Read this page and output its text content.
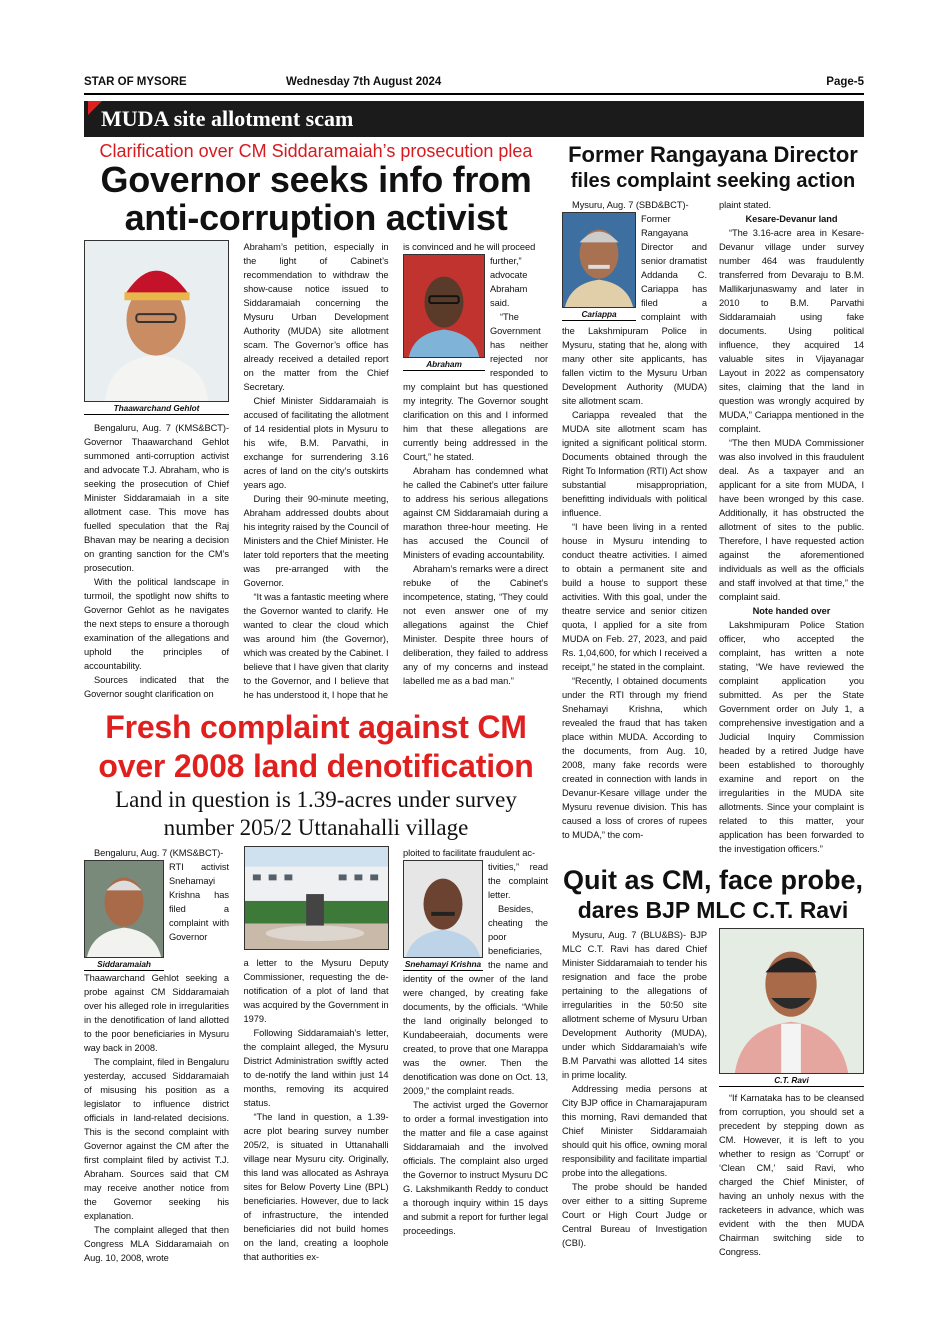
STAR OF MYSORE	Wednesday 7th August 2024	Page-5
MUDA site allotment scam
Clarification over CM Siddaramaiah’s prosecution plea
Governor seeks info from
anti-corruption activist
Thaawarchand Gehlot

Bengaluru, Aug. 7 (KMS&BCT)- Governor Thaawarchand Gehlot summoned anti-corruption activist and advocate T.J. Abraham, who is seeking the prosecution of Chief Minister Siddaramaiah in a site allotment case. This move has fuelled speculation that the Raj Bhavan may be nearing a decision on granting sanction for the CM’s prosecution.

With the political landscape in turmoil, the spotlight now shifts to Governor Gehlot as he navigates the next steps to ensure a thorough examination of the allegations and uphold the principles of accountability.

Sources indicated that the Governor sought clarification on

Abraham’s petition, especially in the light of Cabinet’s recommendation to withdraw the show-cause notice issued to Siddaramaiah concerning the Mysuru Urban Development Authority (MUDA) site allotment scam. The Governor’s office has already received a detailed report on the matter from the Chief Secretary.

Chief Minister Siddaramaiah is accused of facilitating the allotment of 14 residential plots in Mysuru to his wife, B.M. Parvathi, in exchange for surrendering 3.16 acres of land on the city’s outskirts years ago.

During their 90-minute meeting, Abraham addressed doubts about his integrity raised by the Council of Ministers and the Chief Minister. He later told reporters that the meeting was pre-arranged with the Governor.

“It was a fantastic meeting where the Governor wanted to clarify. He wanted to clear the cloud which was around him (the Governor), which was created by the Cabinet. I believe that I have given that clarity to the Governor, and I believe that he has understood it, I hope that he

is convinced and he will proceed
Abraham

further,” advocate Abraham said.

“The Government has neither rejected nor responded to my complaint but has questioned my integrity. The Governor sought clarification on this and I informed him that these allegations are currently being addressed in the Court,” he stated.

Abraham has condemned what he called the Cabinet’s utter failure to address his serious allegations against CM Siddaramaiah during a marathon three-hour meeting. He has accused the Council of Ministers of evading accountability.

Abraham’s remarks were a direct rebuke of the Cabinet’s incompetence, stating, “They could not even answer one of my allegations against the Chief Minister. Despite three hours of deliberation, they failed to address any of my concerns and instead labelled me as a bad man.”

Fresh complaint against CM
over 2008 land denotification
Land in question is 1.39-acres under survey
number 205/2 Uttanahalli village
Bengaluru, Aug. 7 (KMS&BCT)-
Siddaramaiah

RTI activist Snehamayi Krishna has filed a complaint with Governor Thaawarchand Gehlot seeking a probe against CM Siddaramaiah over his alleged role in irregularities in the denotification of land allotted to the poor beneficiaries in Mysuru way back in 2008.

The complaint, filed in Bengaluru yesterday, accused Siddaramaiah of misusing his position as a legislator to influence district officials in land-related decisions. This is the second complaint with Governor against the CM after the first complaint filed by activist T.J. Abraham. Sources said that CM may receive another notice from the Governor seeking his explanation.

The complaint alleged that then Congress MLA Siddaramaiah on Aug. 10, 2008, wrote

a letter to the Mysuru Deputy Commissioner, requesting the de-notification of a plot of land that was acquired by the Government in 1979.

Following Siddaramaiah’s letter, the complaint alleged, the Mysuru District Administration swiftly acted to de-notify the land within just 14 months, removing its acquired status.

“The land in question, a 1.39-acre plot bearing survey number 205/2, is situated in Uttanahalli village near Mysuru city. Originally, this land was allocated as Ashraya sites for Below Poverty Line (BPL) beneficiaries. However, due to lack of infrastructure, the intended beneficiaries did not build homes on the land, creating a loophole that authorities ex-

ploited to facilitate fraudulent ac-
Snehamayi Krishna

tivities,” read the complaint letter.

Besides, cheating the poor beneficiaries, the name and identity of the owner of the land were changed, by creating fake documents, by the officials. “While the land originally belonged to Kundabeeraiah, documents were created, to prove that one Marappa was the owner. Then the denotification was done on Oct. 13, 2009,” the complaint reads.

The activist urged the Governor to order a formal investigation into the matter and file a case against Siddaramaiah and the involved officials. The complaint also urged the Governor to instruct Mysuru DC G. Lakshmikanth Reddy to conduct a thorough inquiry within 15 days and submit a report for further legal proceedings.

Former Rangayana Director
files complaint seeking action
Mysuru, Aug. 7 (SBD&BCT)-
Cariappa

Former Rangayana Director and senior dramatist Addanda C. Cariappa has filed a complaint with the Lakshmipuram Police in Mysuru, stating that he, along with many other site applicants, has fallen victim to the Mysuru Urban Development Authority (MUDA) site allotment scam.

Cariappa revealed that the MUDA site allotment scam has ignited a significant political storm. Documents obtained through the Right To Information (RTI) Act show substantial misappropriation, benefitting individuals with political influence.

“I have been living in a rented house in Mysuru intending to conduct theatre activities. I aimed to obtain a permanent site and build a house to support these activities. With this goal, under the theatre service and senior citizen quota, I applied for a site from MUDA on Feb. 27, 2023, and paid Rs. 1,04,600, for which I received a receipt,” he stated in the complaint.

“Recently, I obtained documents under the RTI through my friend Snehamayi Krishna, which revealed the fraud that has taken place within MUDA. According to the documents, from Aug. 10, 2008, many fake records were created in connection with lands in Devanur-Kesare village under the Mysuru revenue division. This has caused a loss of crores of rupees to MUDA,” the com-

plaint stated.
Kesare-Devanur land

“The 3.16-acre area in Kesare-Devanur village under survey number 464 was fraudulently transferred from Devaraju to B.M. Mallikarjunaswamy and later in 2010 to B.M. Parvathi Siddaramaiah using fake documents. Using political influence, they acquired 14 valuable sites in Vijayanagar Layout in 2022 as compensatory sites, claiming that the land in question was wrongly acquired by MUDA,” Cariappa mentioned in the complaint.

“The then MUDA Commissioner was also involved in this fraudulent deal. As a taxpayer and an applicant for a site from MUDA, I have been wronged by this case. Additionally, it has obstructed the allotment of sites to the public. Therefore, I have requested action against the aforementioned individuals as well as the officials and staff involved at that time,” the complaint said.

Note handed over

Lakshmipuram Police Station officer, who accepted the complaint, has written a note stating, “We have reviewed the complaint application you submitted. As per the State Government order on July 1, a comprehensive investigation and a Judicial Inquiry Commission headed by a retired Judge have been established to thoroughly examine and report on the irregularities in the MUDA site allotments. Since your complaint is related to this matter, your application has been forwarded to the investigation officers.”

Quit as CM, face probe,
dares BJP MLC C.T. Ravi

Mysuru, Aug. 7 (BLU&BS)- BJP MLC C.T. Ravi has dared Chief Minister Siddaramaiah to tender his resignation and face the probe pertaining to the allegations of irregularities in the 50:50 site allotment scheme of Mysuru Urban Development Authority (MUDA), under which Siddaramaiah’s wife B.M Parvathi was allotted 14 sites in prime locality.

Addressing media persons at City BJP office in Chamarajapuram this morning, Ravi demanded that Chief Minister Siddaramaiah should quit his office, owning moral responsibility and facilitate impartial probe into the allegations.

The probe should be handed over either to a sitting Supreme Court or High Court Judge or Central Bureau of Investigation (CBI).

C.T. Ravi

“If Karnataka has to be cleansed from corruption, you should set a precedent by stepping down as CM. However, it is left to you whether to resign as ‘Corrupt’ or ‘Clean CM,’ said Ravi, who charged the Chief Minister, of having an unholy nexus with the racketeers in advance, which was evident with the then MUDA Chairman switching side to Congress.
